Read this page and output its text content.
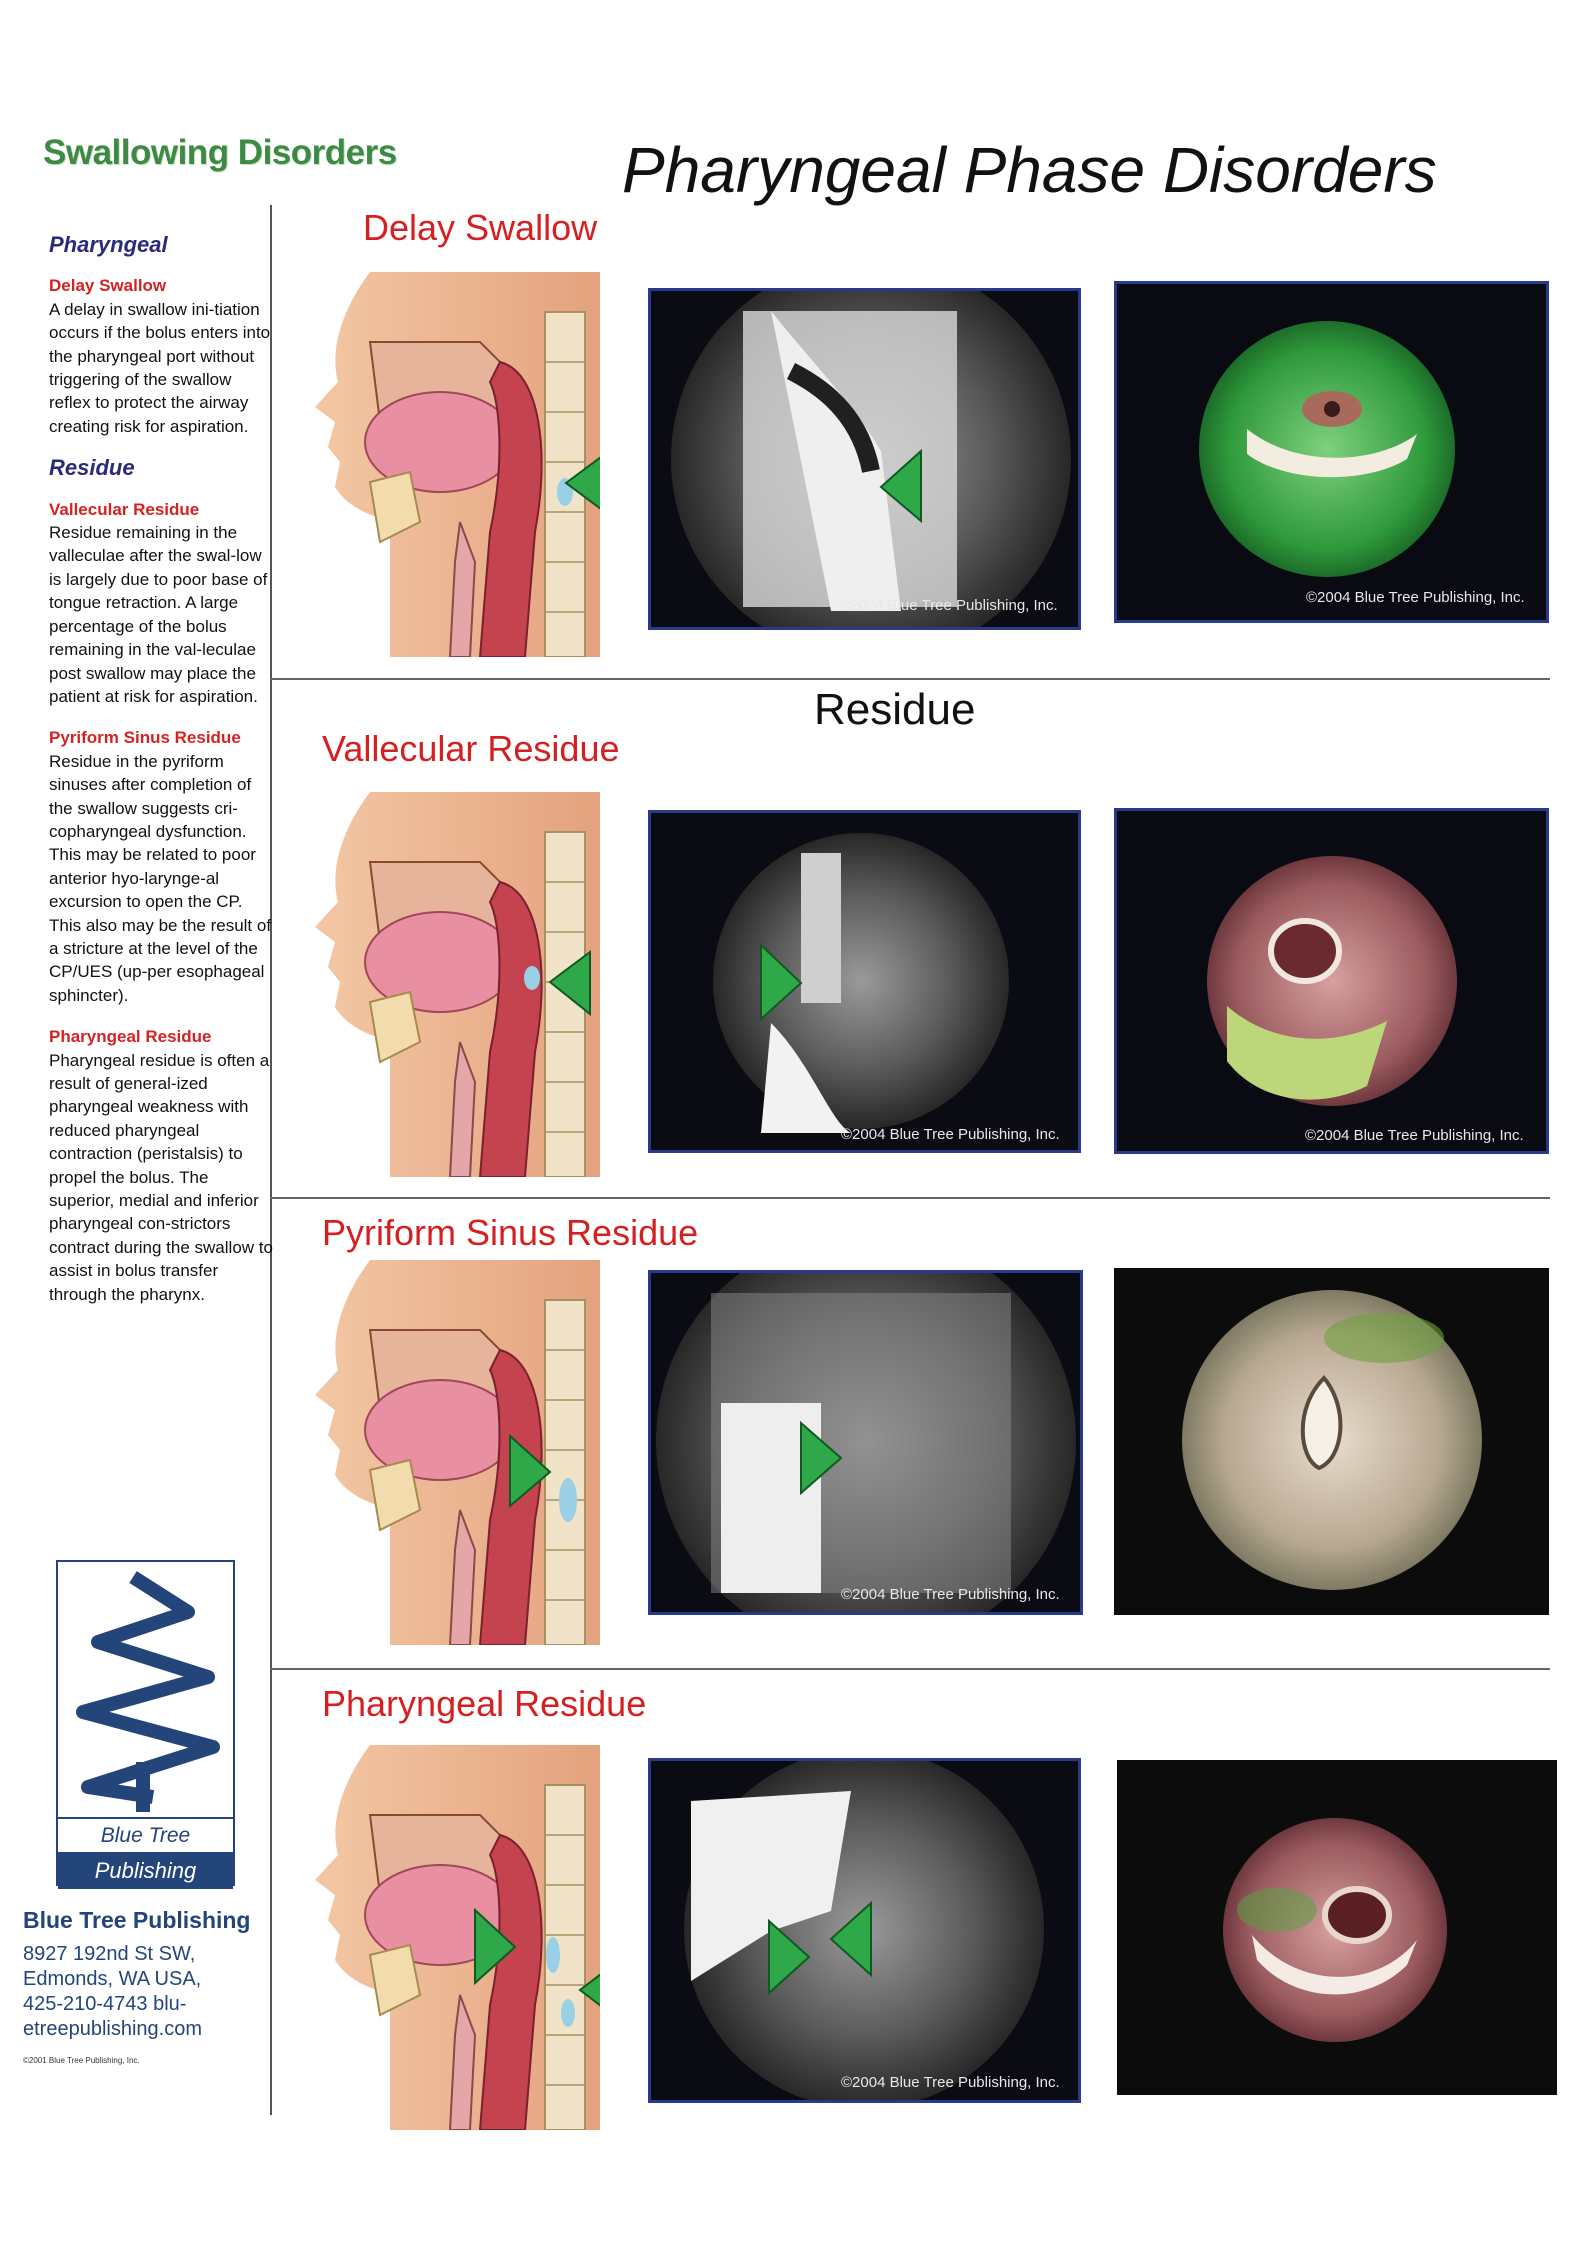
Swallowing Disorders	Pharyngeal Phase Disorders
Pharyngeal
Delay Swallow
A delay in swallow ini-tiation occurs if the bolus enters into the pharyngeal port without triggering of the swallow reflex to protect the airway creating risk for aspiration.
Residue
Vallecular Residue
Residue remaining in the valleculae after the swal-low is largely due to poor base of tongue retraction. A large percentage of the bolus remaining in the val-leculae post swallow may place the patient at risk for aspiration.
Pyriform Sinus Residue
Residue in the pyriform sinuses after completion of the swallow suggests cri-copharyngeal dysfunction. This may be related to poor anterior hyo-larynge-al excursion to open the CP. This also may be the result of a stricture at the level of the CP/UES (up-per esophageal sphincter).
Pharyngeal Residue
Pharyngeal residue is often a result of general-ized pharyngeal weakness with reduced pharyngeal contraction (peristalsis) to propel the bolus. The superior, medial and inferior pharyngeal con-strictors contract during the swallow to assist in bolus transfer through the pharynx.
Delay Swallow
Residue
Vallecular Residue
Pyriform Sinus Residue
Pharyngeal Residue
©2004 Blue Tree Publishing, Inc.	©2004 Blue Tree Publishing, Inc.
©2004 Blue Tree Publishing, Inc.	©2004 Blue Tree Publishing, Inc.
©2004 Blue Tree Publishing, Inc.
©2004 Blue Tree Publishing, Inc.
Blue Tree
Publishing
Blue Tree Publishing
8927 192nd St SW,
Edmonds, WA USA,
425-210-4743 blu-
etreepublishing.com
©2001 Blue Tree Publishing, Inc.
